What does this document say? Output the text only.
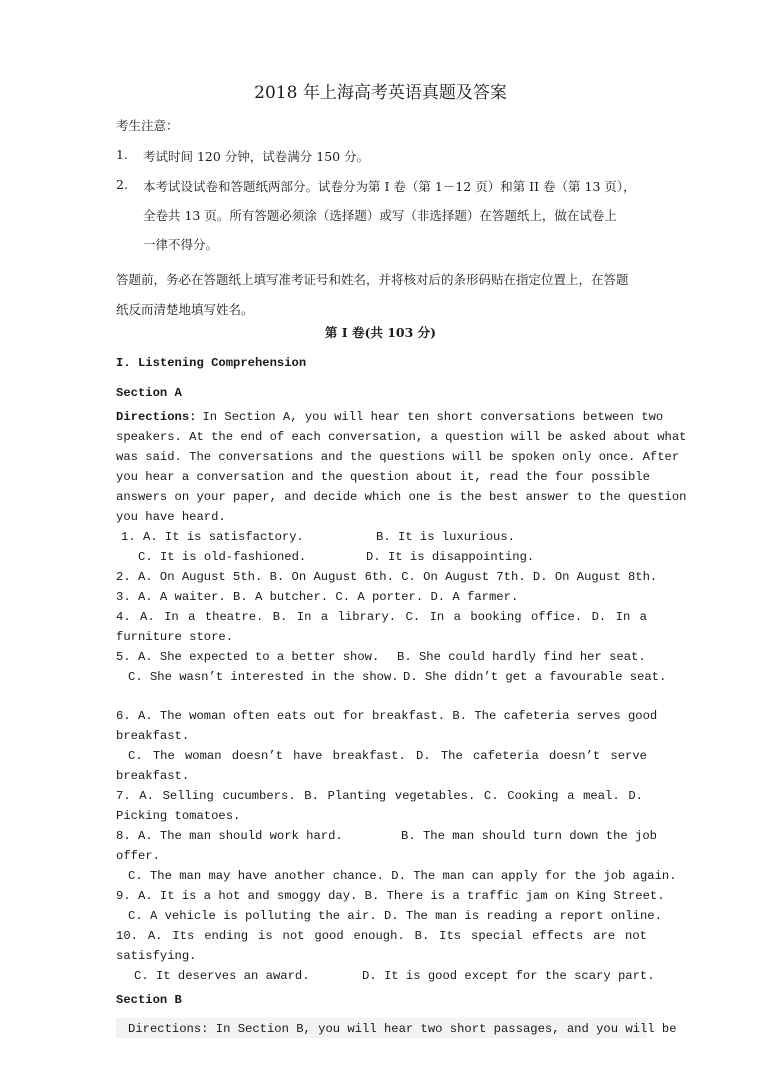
2018 年上海高考英语真题及答案
考生注意：
1. 考试时间 120 分钟，试卷满分 150 分。
2. 本考试设试卷和答题纸两部分。试卷分为第 I 卷（第 1－12 页）和第 II 卷（第 13 页），
全卷共 13 页。所有答题必须涂（选择题）或写（非选择题）在答题纸上，做在试卷上
一律不得分。
答题前，务必在答题纸上填写准考证号和姓名，并将核对后的条形码贴在指定位置上，在答题
纸反而清楚地填写姓名。
第 I 卷(共 103 分)
I. Listening Comprehension
Section A
Directions: In Section A, you will hear ten short conversations between two
speakers. At the end of each conversation, a question will be asked about what
was said. The conversations and the questions will be spoken only once. After
you hear a conversation and the question about it, read the four possible
answers on your paper, and decide which one is the best answer to the question
you have heard.
1. A. It is satisfactory.	B. It is luxurious.
C. It is old-fashioned.	D. It is disappointing.
2. A. On August 5th. B. On August 6th. C. On August 7th. D. On August 8th.
3. A. A waiter. B. A butcher. C. A porter. D. A farmer.
4. A. In a theatre. B. In a library. C. In a booking office. D. In a
furniture store.
5. A. She expected to a better show. B. She could hardly find her seat.
C. She wasn’t interested in the show. D. She didn’t get a favourable seat.
6. A. The woman often eats out for breakfast. B. The cafeteria serves good
breakfast.
C. The woman doesn’t have breakfast. D. The cafeteria doesn’t serve
breakfast.
7. A. Selling cucumbers. B. Planting vegetables. C. Cooking a meal. D.
Picking tomatoes.
8. A. The man should work hard.	B. The man should turn down the job
offer.
C. The man may have another chance. D. The man can apply for the job again.
9. A. It is a hot and smoggy day. B. There is a traffic jam on King Street.
C. A vehicle is polluting the air. D. The man is reading a report online.
10. A. Its ending is not good enough. B. Its special effects are not
satisfying.
C. It deserves an award.	D. It is good except for the scary part.
Section B
Directions: In Section B, you will hear two short passages, and you will be
